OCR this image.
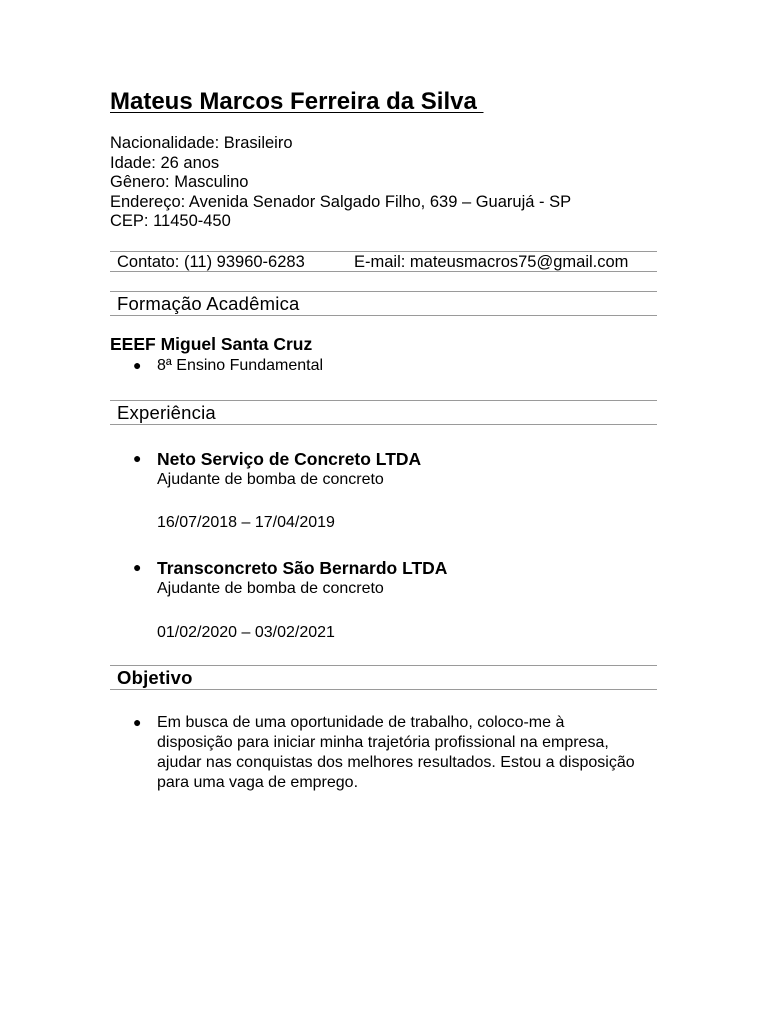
Mateus Marcos Ferreira da Silva
Nacionalidade: Brasileiro
Idade: 26 anos
Gênero: Masculino
Endereço: Avenida Senador Salgado Filho, 639 – Guarujá - SP
CEP: 11450-450
Contato: (11) 93960-6283	E-mail: mateusmacros75@gmail.com
Formação Acadêmica
EEEF Miguel Santa Cruz
● 8ª Ensino Fundamental
Experiência
● Neto Serviço de Concreto LTDA
Ajudante de bomba de concreto
16/07/2018 – 17/04/2019
● Transconcreto São Bernardo LTDA
Ajudante de bomba de concreto
01/02/2020 – 03/02/2021
Objetivo
● Em busca de uma oportunidade de trabalho, coloco-me à disposição para iniciar minha trajetória profissional na empresa, ajudar nas conquistas dos melhores resultados. Estou a disposição para uma vaga de emprego.
